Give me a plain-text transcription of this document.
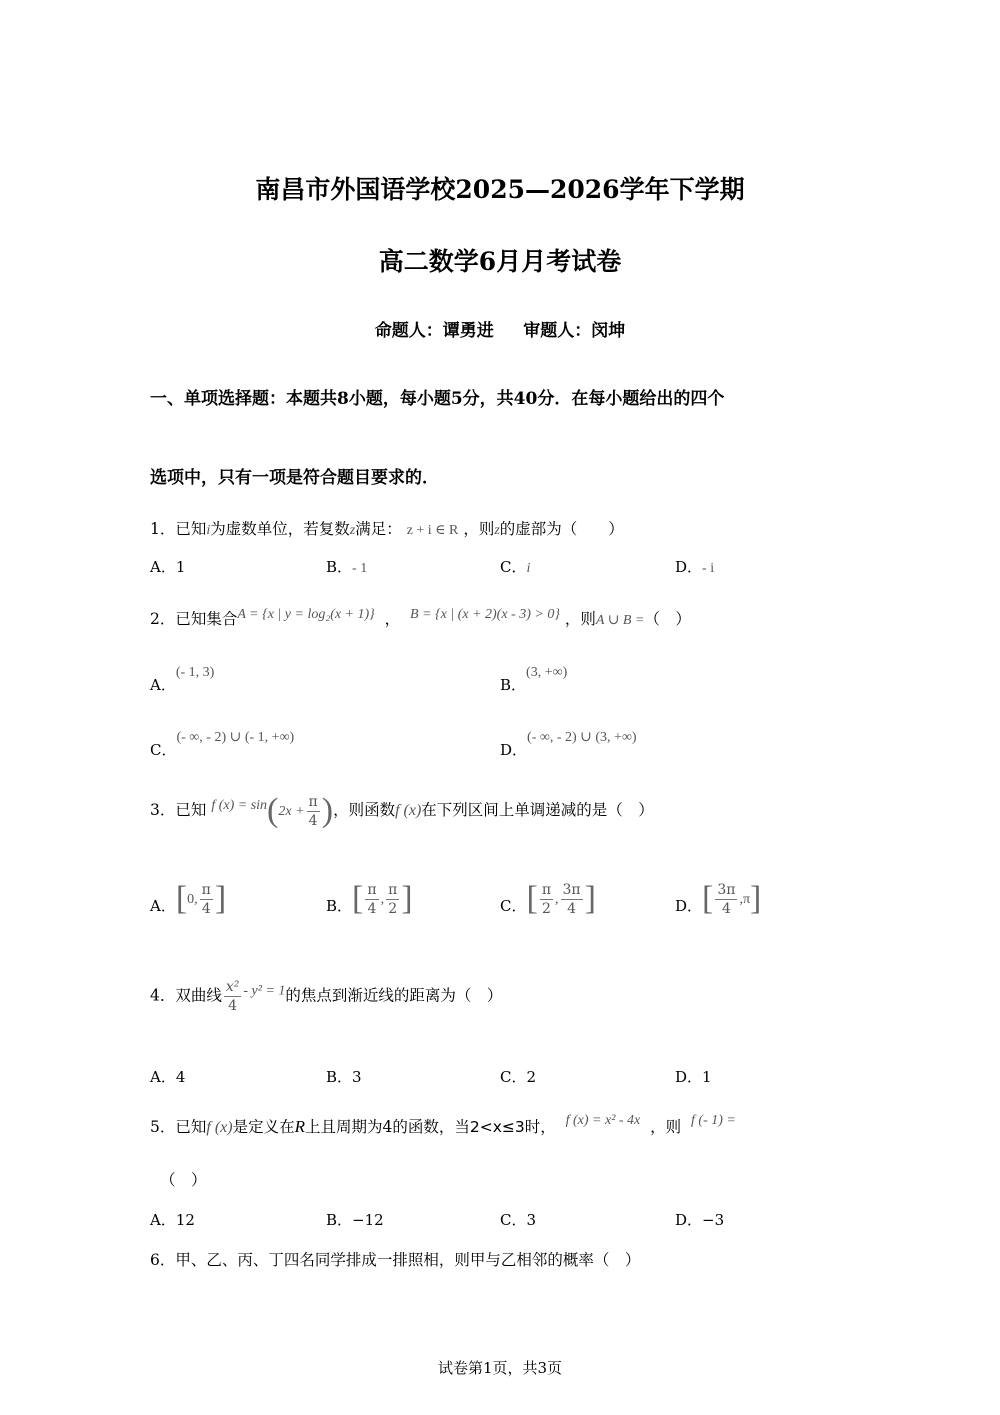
南昌市外国语学校2025—2026学年下学期
高二数学6月月考试卷
命题人：谭勇进     审题人：闵坤
一、单项选择题：本题共8小题，每小题5分，共40分．在每小题给出的四个
选项中，只有一项是符合题目要求的．
1．已知i为虚数单位，若复数z满足： z + i ∈ R ，则z的虚部为（　　）
A．1	B．- 1	C．i	D．- i
2．已知集合A = {x | y = log₂(x + 1)} ， B = {x | (x + 2)(x - 3) > 0} ，则A ∪ B =（　）
A．(- 1, 3)
B．(3, +∞)
C．(- ∞, - 2) ∪ (- 1, +∞)
D．(- ∞, - 2) ∪ (3, +∞)
3．已知 f $(x) = \sin(2x + \frac{\pi}{4}$ )，则函数f (x)在下列区间上单调递减的是（　）
A．[0, $\frac{\pi}{4}$ ]	B．[ $\frac{\pi}{4}$ , $\frac{\pi}{2}$ ]	C．[ $\frac{\pi}{2}$ , $\frac{3\pi}{4}$ ]	D．[ $\frac{3\pi}{4} ,\pi$]
4．双曲线 $\frac{\text{x²}}{4} - y^2 = 1$的焦点到渐近线的距离为（　）
A．4	B．3	C．2	D．1
5．已知f (x)是定义在R上且周期为4的函数，当2<x≤3时， f (x) = x² - 4x ，则 f (- 1) =
（　）
A．12	B．−12	C．3	D．−3
6．甲、乙、丙、丁四名同学排成一排照相，则甲与乙相邻的概率（　）
试卷第1页，共3页
